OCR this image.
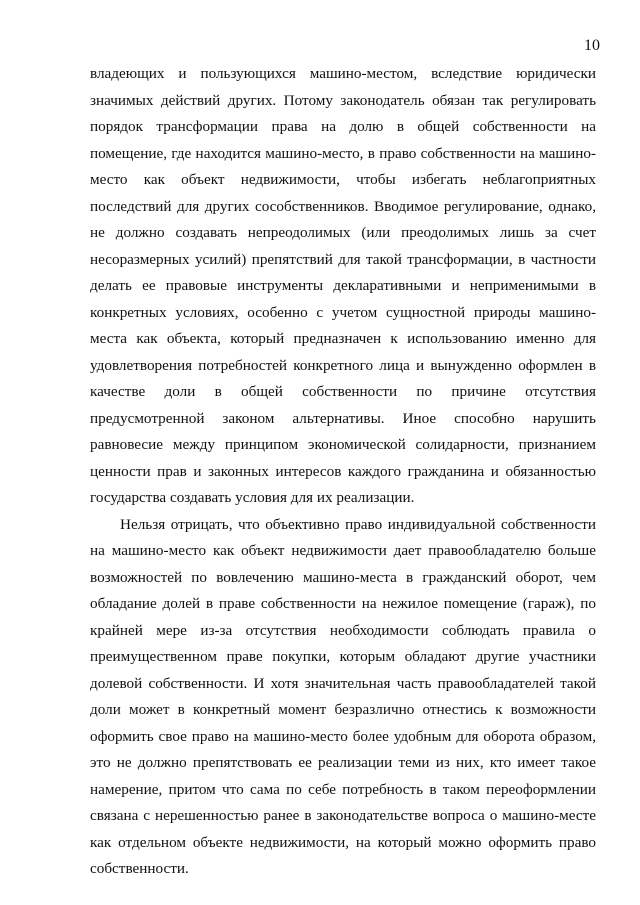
10
владеющих и пользующихся машино-местом, вследствие юридически
значимых действий других. Потому законодатель обязан так регулировать
порядок трансформации права на долю в общей собственности на
помещение, где находится машино-место, в право собственности на машино-
место как объект недвижимости, чтобы избегать неблагоприятных
последствий для других сособственников. Вводимое регулирование, однако,
не должно создавать непреодолимых (или преодолимых лишь за счет
несоразмерных усилий) препятствий для такой трансформации, в частности
делать ее правовые инструменты декларативными и неприменимыми в
конкретных условиях, особенно с учетом сущностной природы машино-
места как объекта, который предназначен к использованию именно для
удовлетворения потребностей конкретного лица и вынужденно оформлен в
качестве доли в общей собственности по причине отсутствия
предусмотренной законом альтернативы. Иное способно нарушить
равновесие между принципом экономической солидарности, признанием
ценности прав и законных интересов каждого гражданина и обязанностью
государства создавать условия для их реализации.
Нельзя отрицать, что объективно право индивидуальной собственности
на машино-место как объект недвижимости дает правообладателю больше
возможностей по вовлечению машино-места в гражданский оборот, чем
обладание долей в праве собственности на нежилое помещение (гараж), по
крайней мере из-за отсутствия необходимости соблюдать правила о
преимущественном праве покупки, которым обладают другие участники
долевой собственности. И хотя значительная часть правообладателей такой
доли может в конкретный момент безразлично отнестись к возможности
оформить свое право на машино-место более удобным для оборота образом,
это не должно препятствовать ее реализации теми из них, кто имеет такое
намерение, притом что сама по себе потребность в таком переоформлении
связана с нерешенностью ранее в законодательстве вопроса о машино-месте
как отдельном объекте недвижимости, на который можно оформить право
собственности.
